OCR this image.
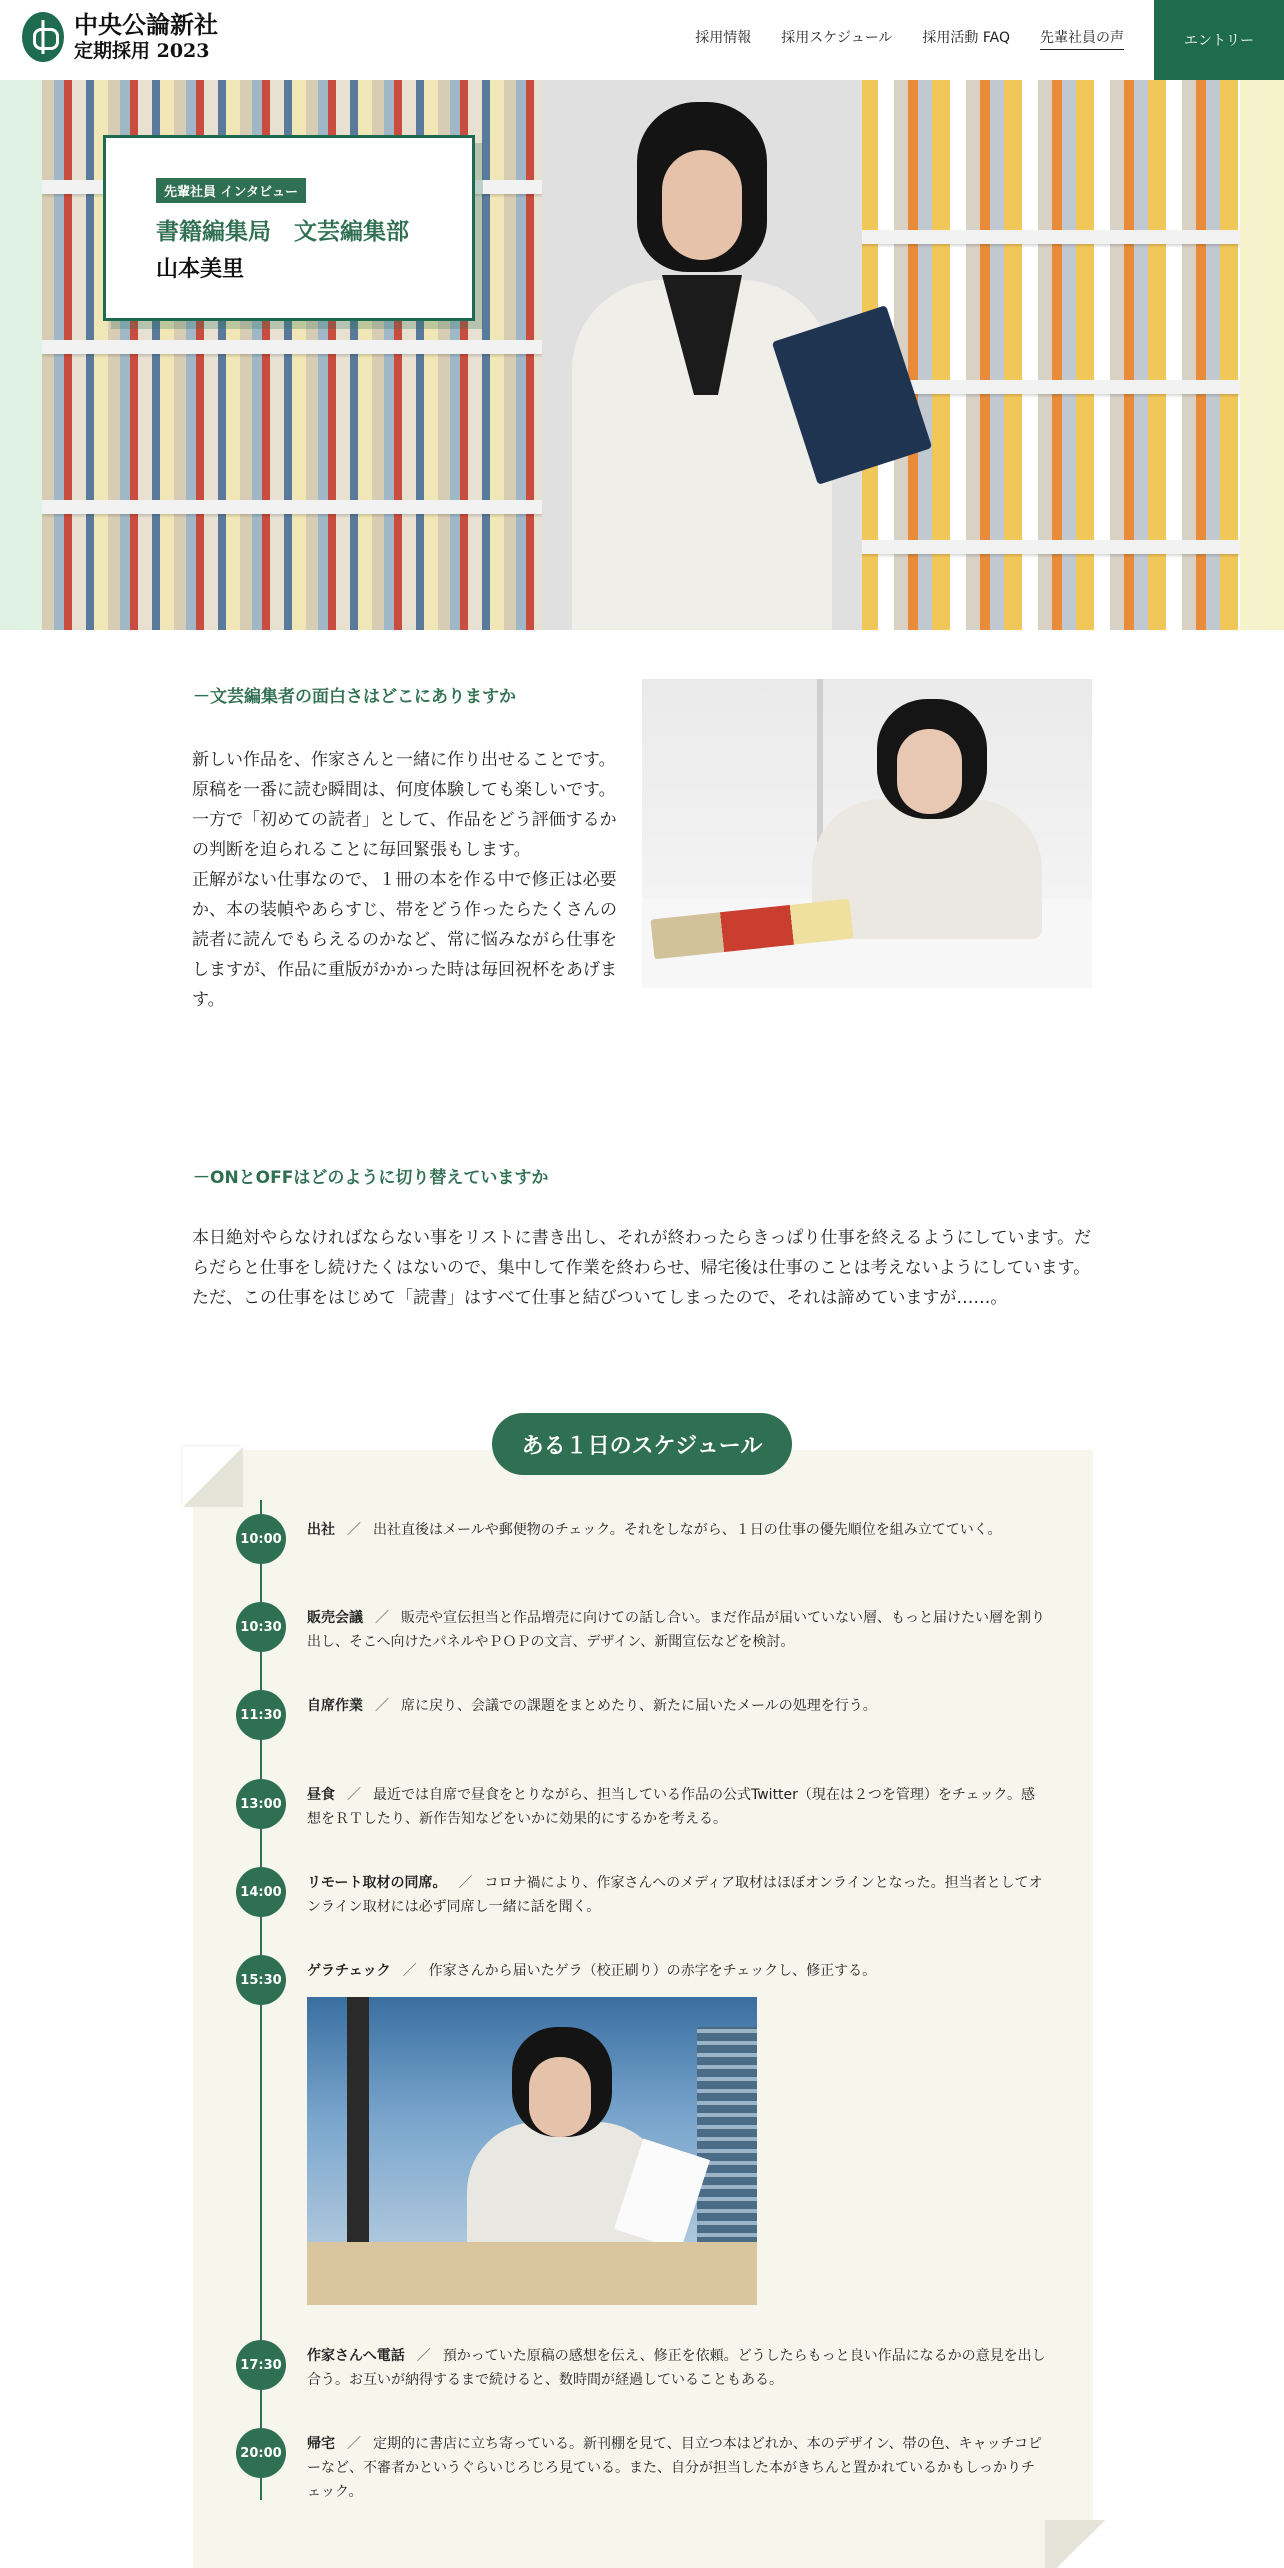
中央公論新社
定期採用 2023
採用情報 採用スケジュール 採用活動 FAQ 先輩社員の声	エントリー
先輩社員 インタビュー
書籍編集局　文芸編集部
山本美里
－文芸編集者の面白さはどこにありますか
新しい作品を、作家さんと一緒に作り出せることです。
原稿を一番に読む瞬間は、何度体験しても楽しいです。一方で「初めての読者」として、作品をどう評価するかの判断を迫られることに毎回緊張もします。
正解がない仕事なので、１冊の本を作る中で修正は必要か、本の装幀やあらすじ、帯をどう作ったらたくさんの読者に読んでもらえるのかなど、常に悩みながら仕事をしますが、作品に重版がかかった時は毎回祝杯をあげます。
－ONとOFFはどのように切り替えていますか
本日絶対やらなければならない事をリストに書き出し、それが終わったらきっぱり仕事を終えるようにしています。だらだらと仕事をし続けたくはないので、集中して作業を終わらせ、帰宅後は仕事のことは考えないようにしています。
ただ、この仕事をはじめて「読書」はすべて仕事と結びついてしまったので、それは諦めていますが……。
ある１日のスケジュール
10:00
出社 ／ 出社直後はメールや郵便物のチェック。それをしながら、１日の仕事の優先順位を組み立てていく。
10:30
販売会議 ／ 販売や宣伝担当と作品増売に向けての話し合い。まだ作品が届いていない層、もっと届けたい層を割り出し、そこへ向けたパネルやＰＯＰの文言、デザイン、新聞宣伝などを検討。
11:30
自席作業 ／ 席に戻り、会議での課題をまとめたり、新たに届いたメールの処理を行う。
13:00
昼食 ／ 最近では自席で昼食をとりながら、担当している作品の公式Twitter（現在は２つを管理）をチェック。感想をＲＴしたり、新作告知などをいかに効果的にするかを考える。
14:00
リモート取材の同席。 ／ コロナ禍により、作家さんへのメディア取材はほぼオンラインとなった。担当者としてオンライン取材には必ず同席し一緒に話を聞く。
15:30
ゲラチェック ／ 作家さんから届いたゲラ（校正刷り）の赤字をチェックし、修正する。
17:30
作家さんへ電話 ／ 預かっていた原稿の感想を伝え、修正を依頼。どうしたらもっと良い作品になるかの意見を出し合う。お互いが納得するまで続けると、数時間が経過していることもある。
20:00
帰宅 ／ 定期的に書店に立ち寄っている。新刊棚を見て、目立つ本はどれか、本のデザイン、帯の色、キャッチコピーなど、不審者かというぐらいじろじろ見ている。また、自分が担当した本がきちんと置かれているかもしっかりチェック。
